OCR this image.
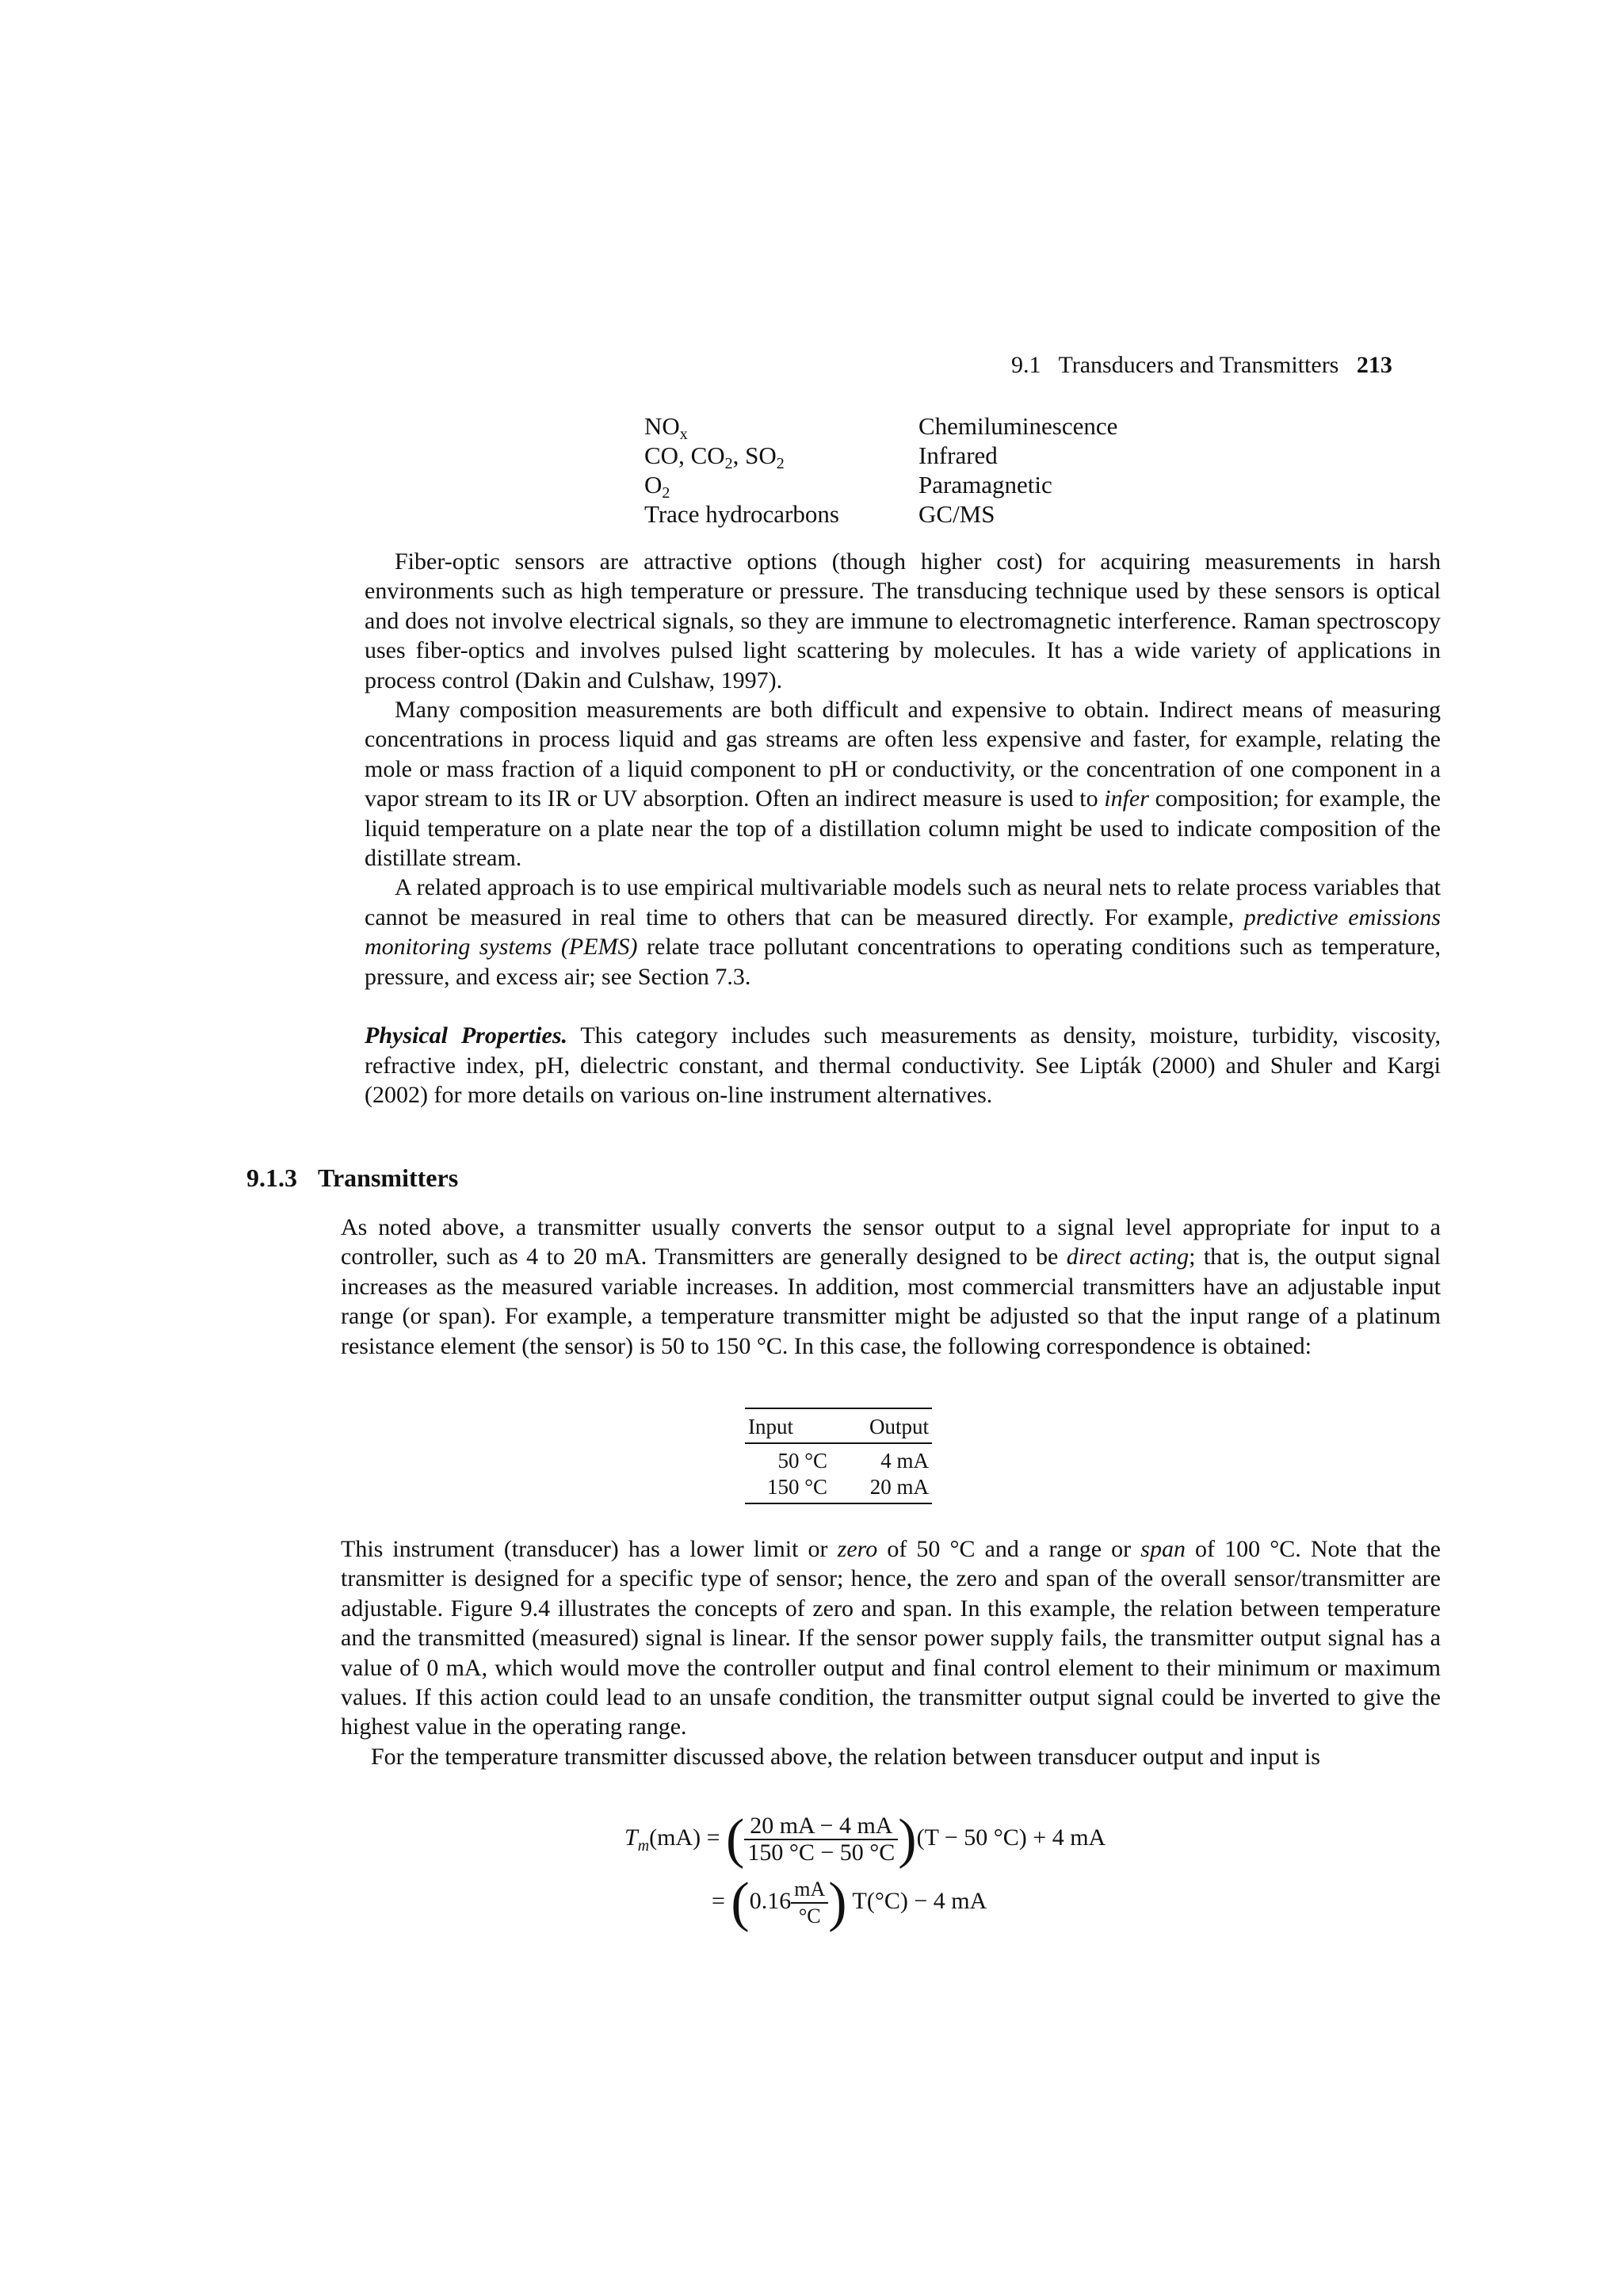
9.1 Transducers and Transmitters 213
$NO_x$	Chemiluminescence
CO, $CO_2$, $SO_2$	Infrared
$O_2$	Paramagnetic
Trace hydrocarbons	GC/MS

Fiber-optic sensors are attractive options (though higher cost) for acquiring measurements in harsh environments such as high temperature or pressure. The transducing technique used by these sensors is optical and does not involve electrical signals, so they are immune to electromagnetic interference. Raman spectroscopy uses fiber-optics and involves pulsed light scattering by molecules. It has a wide variety of applications in process control (Dakin and Culshaw, 1997).

Many composition measurements are both difficult and expensive to obtain. Indirect means of measuring concentrations in process liquid and gas streams are often less expensive and faster, for example, relating the mole or mass fraction of a liquid component to pH or conductivity, or the concentration of one component in a vapor stream to its IR or UV absorption. Often an indirect measure is used to infer composition; for example, the liquid temperature on a plate near the top of a distillation column might be used to indicate composition of the distillate stream.

A related approach is to use empirical multivariable models such as neural nets to relate process variables that cannot be measured in real time to others that can be measured directly. For example, predictive emissions monitoring systems (PEMS) relate trace pollutant concentrations to operating conditions such as temperature, pressure, and excess air; see Section 7.3.

Physical Properties. This category includes such measurements as density, moisture, turbidity, viscosity, refractive index, pH, dielectric constant, and thermal conductivity. See Lipták (2000) and Shuler and Kargi (2002) for more details on various on-line instrument alternatives.

9.1.3 Transmitters

As noted above, a transmitter usually converts the sensor output to a signal level appropriate for input to a controller, such as 4 to 20 mA. Transmitters are generally designed to be direct acting; that is, the output signal increases as the measured variable increases. In addition, most commercial transmitters have an adjustable input range (or span). For example, a temperature transmitter might be adjusted so that the input range of a platinum resistance element (the sensor) is 50 to 150 °C. In this case, the following correspondence is obtained:

Input	Output
50 °C	4 mA
150 °C	20 mA

This instrument (transducer) has a lower limit or zero of 50 °C and a range or span of 100 °C. Note that the transmitter is designed for a specific type of sensor; hence, the zero and span of the overall sensor/transmitter are adjustable. Figure 9.4 illustrates the concepts of zero and span. In this example, the relation between temperature and the transmitted (measured) signal is linear. If the sensor power supply fails, the transmitter output signal has a value of 0 mA, which would move the controller output and final control element to their minimum or maximum values. If this action could lead to an unsafe condition, the transmitter output signal could be inverted to give the highest value in the operating range.

For the temperature transmitter discussed above, the relation between transducer output and input is

$T_m(mA)$ = ( $\frac{20 mA - 4 mA}{150 ^\circ C - 50 ^\circ C} )(T - 50$ °C) + 4 mA
= ($0.16 \frac{mA}{^\circ C}$ ) T(°C) − 4 mA
